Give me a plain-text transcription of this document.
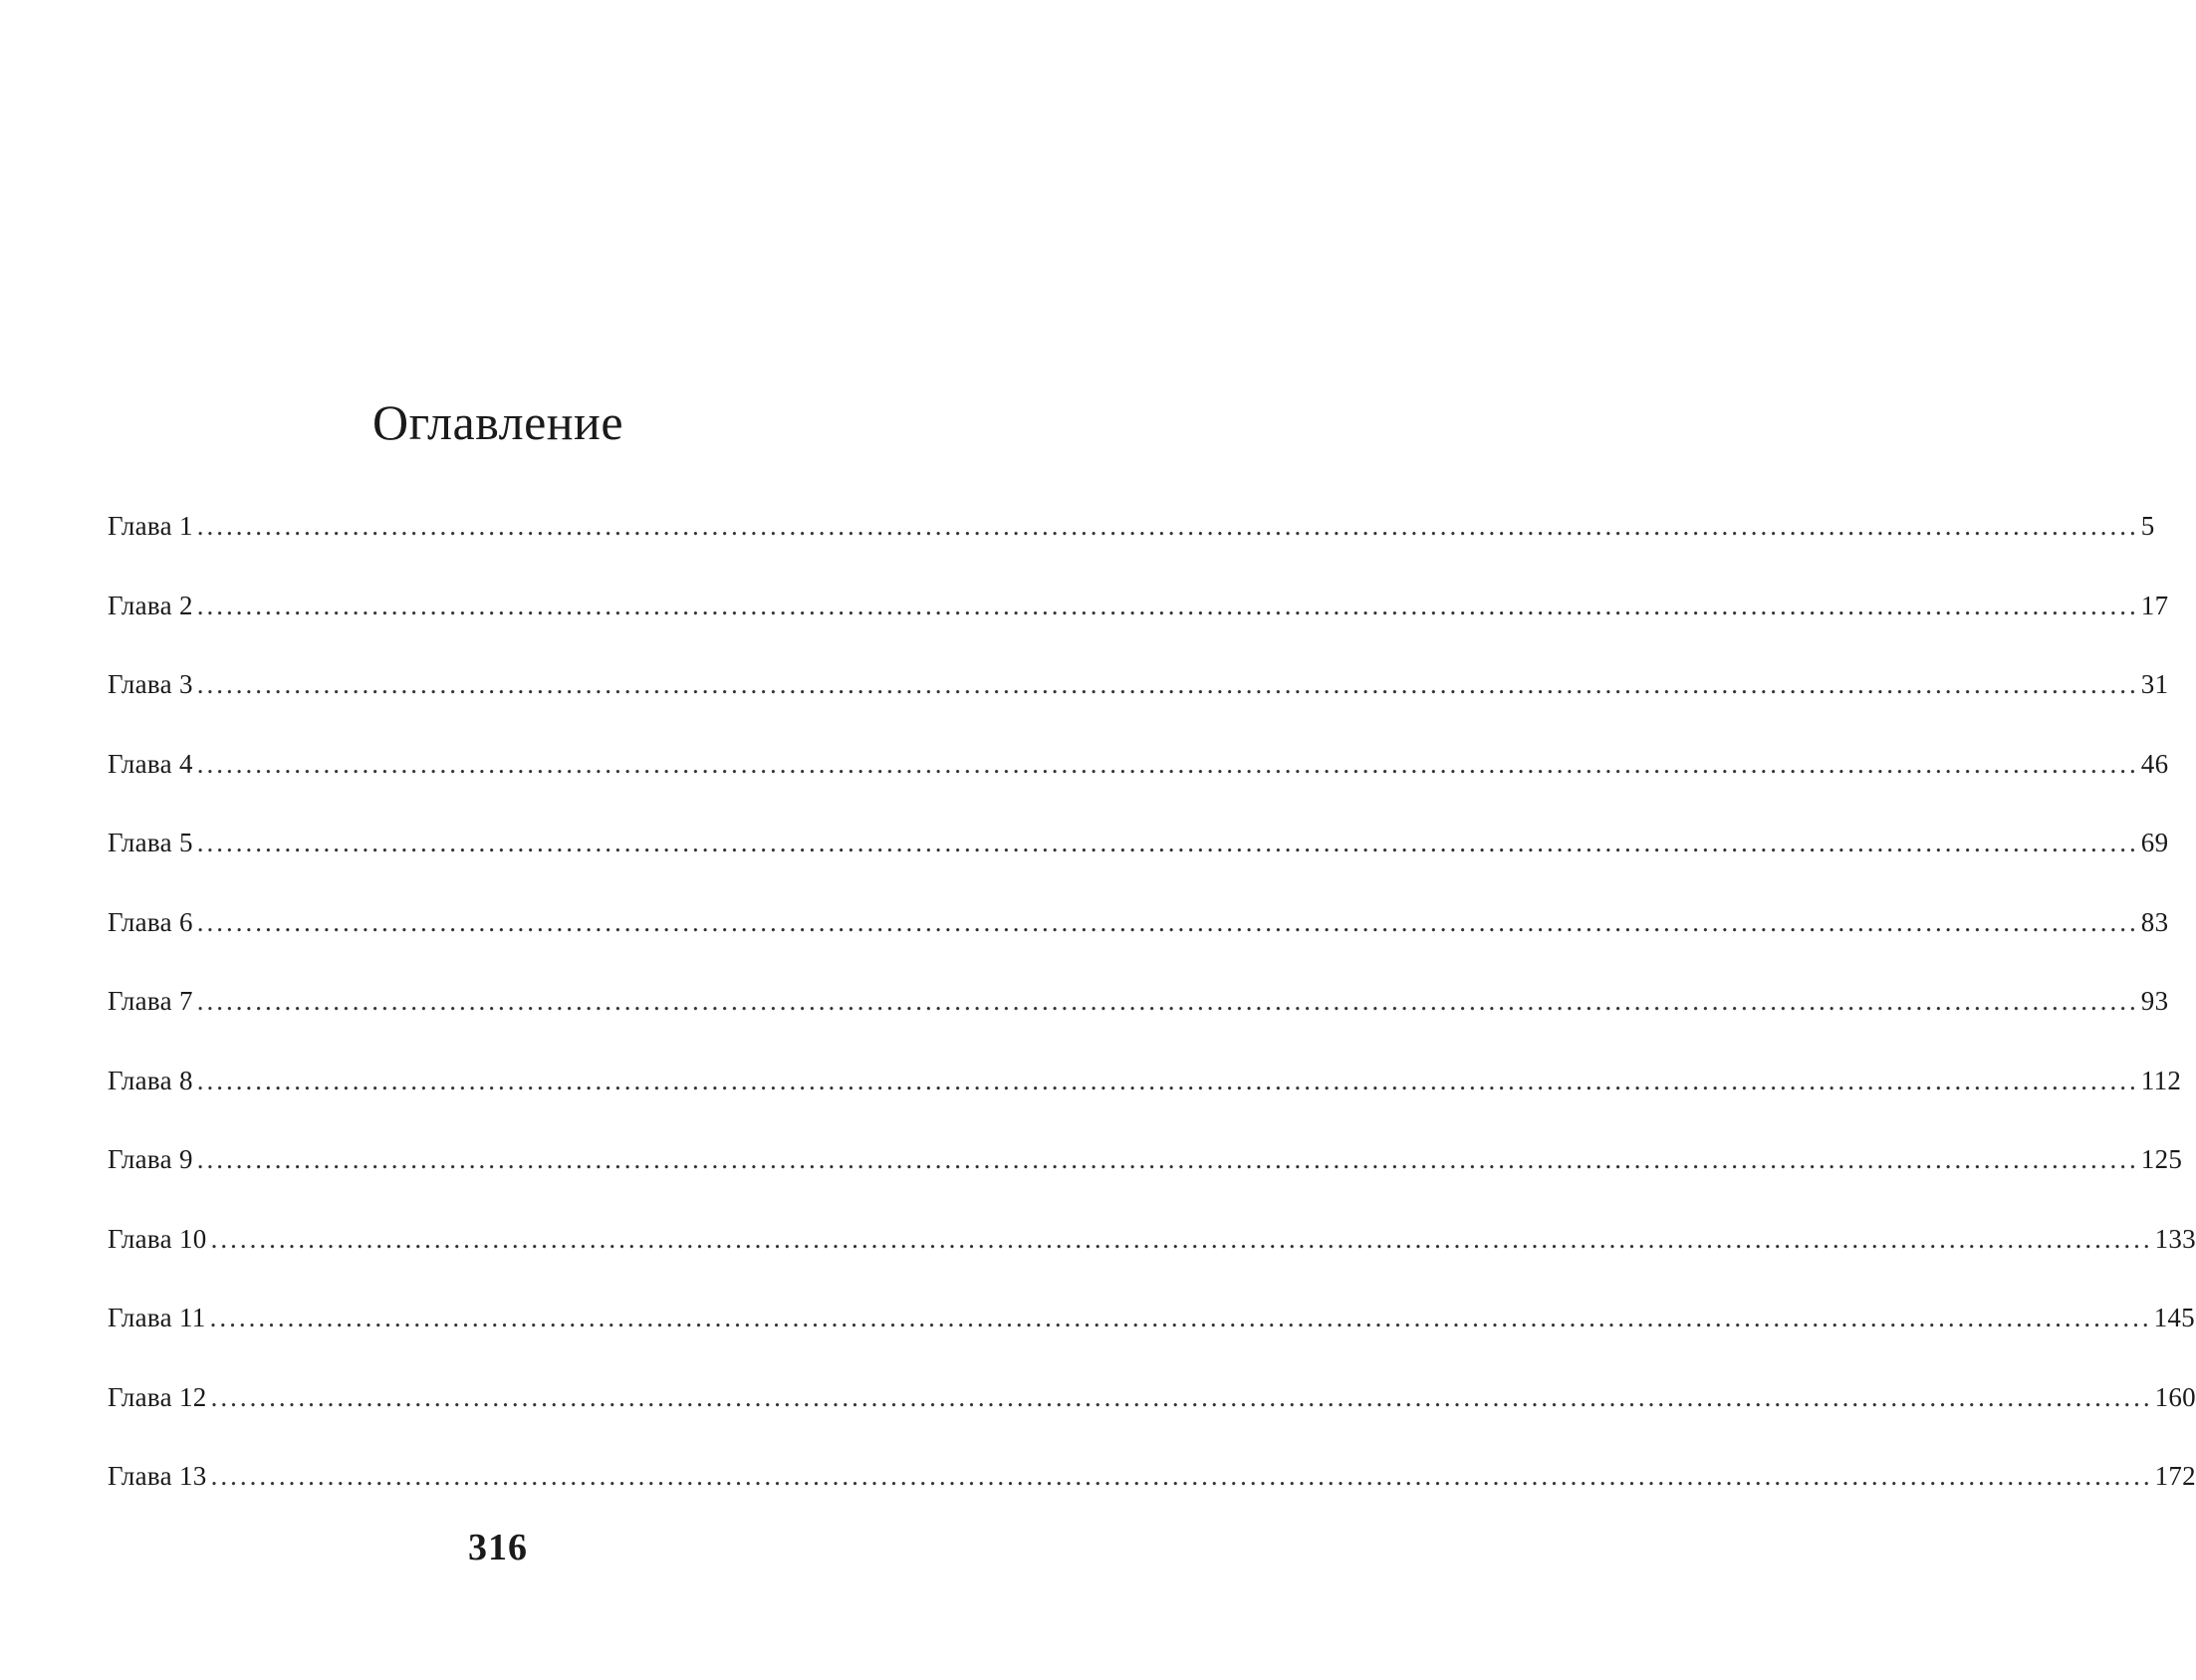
Оглавление
Глава 1 ........................................................................................................................................................................................................ 5
Глава 2 ........................................................................................................................................................................................................ 17
Глава 3 ........................................................................................................................................................................................................ 31
Глава 4 ........................................................................................................................................................................................................ 46
Глава 5 ........................................................................................................................................................................................................ 69
Глава 6 ........................................................................................................................................................................................................ 83
Глава 7 ........................................................................................................................................................................................................ 93
Глава 8 ........................................................................................................................................................................................................ 112
Глава 9 ........................................................................................................................................................................................................ 125
Глава 10 ........................................................................................................................................................................................................ 133
Глава 11 ........................................................................................................................................................................................................ 145
Глава 12 ........................................................................................................................................................................................................ 160
Глава 13 ........................................................................................................................................................................................................ 172
316
